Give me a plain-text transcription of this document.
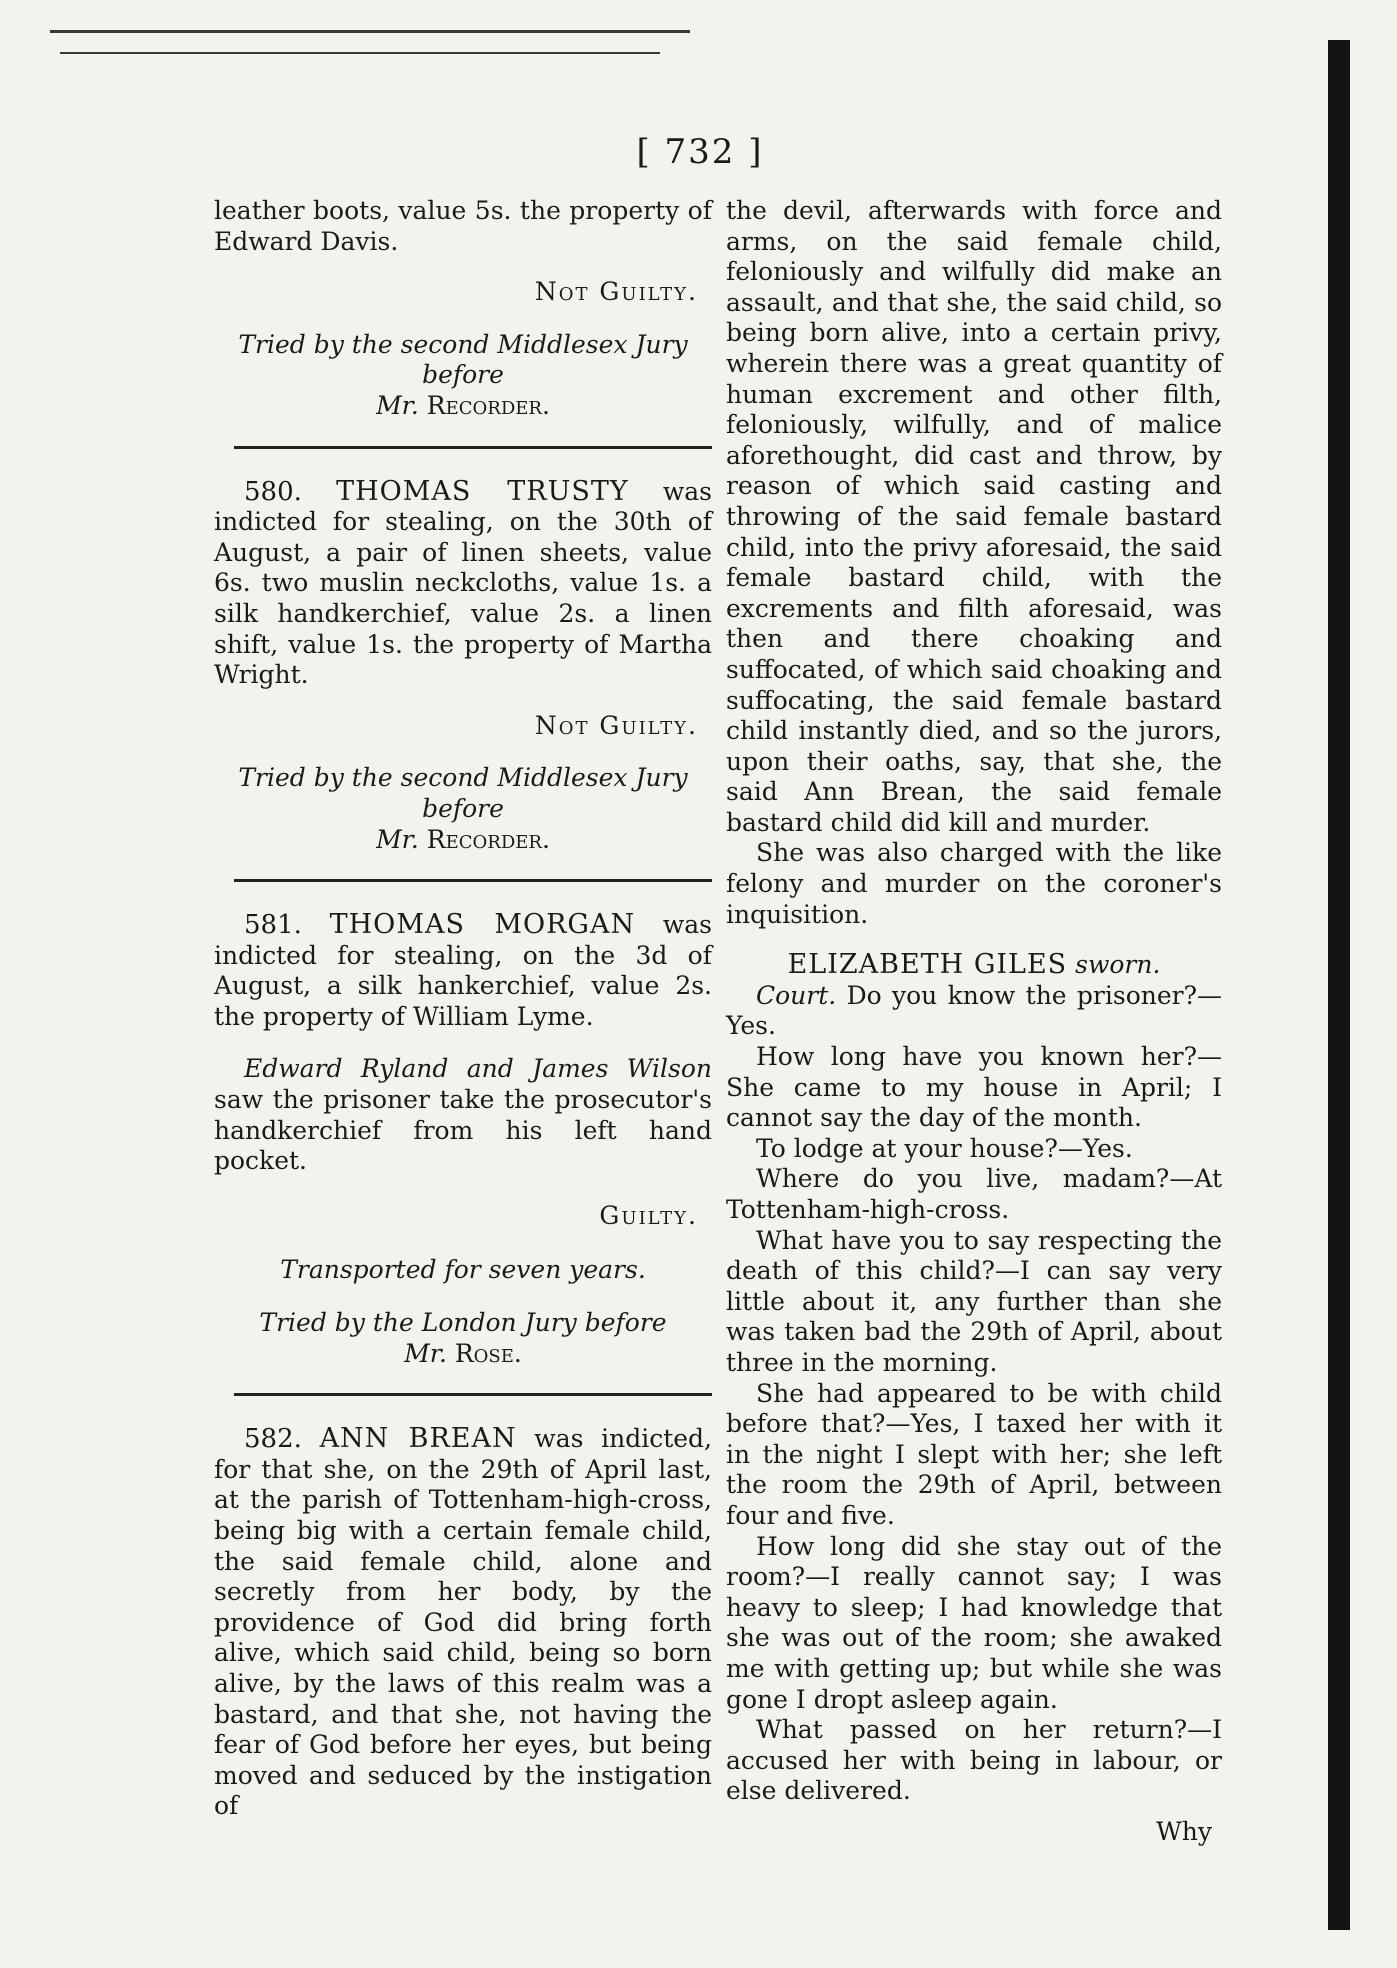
[ 732 ]

leather boots, value 5s. the property of Edward Davis.

Not Guilty.

Tried by the second Middlesex Jury before
Mr. Recorder.

580. THOMAS TRUSTY was indicted for stealing, on the 30th of August, a pair of linen sheets, value 6s. two muslin neckcloths, value 1s. a silk handkerchief, value 2s. a linen shift, value 1s. the property of Martha Wright.

Not Guilty.

Tried by the second Middlesex Jury before
Mr. Recorder.

581. THOMAS MORGAN was indicted for stealing, on the 3d of August, a silk hankerchief, value 2s. the property of William Lyme.

Edward Ryland and James Wilson saw the prisoner take the prosecutor's handkerchief from his left hand pocket.

Guilty.

Transported for seven years.

Tried by the London Jury before
Mr. Rose.

582. ANN BREAN was indicted, for that she, on the 29th of April last, at the parish of Tottenham-high-cross, being big with a certain female child, the said female child, alone and secretly from her body, by the providence of God did bring forth alive, which said child, being so born alive, by the laws of this realm was a bastard, and that she, not having the fear of God before her eyes, but being moved and seduced by the instigation of

the devil, afterwards with force and arms, on the said female child, feloniously and wilfully did make an assault, and that she, the said child, so being born alive, into a certain privy, wherein there was a great quantity of human excrement and other filth, feloniously, wilfully, and of malice aforethought, did cast and throw, by reason of which said casting and throwing of the said female bastard child, into the privy aforesaid, the said female bastard child, with the excrements and filth aforesaid, was then and there choaking and suffocated, of which said choaking and suffocating, the said female bastard child instantly died, and so the jurors, upon their oaths, say, that she, the said Ann Brean, the said female bastard child did kill and murder.

She was also charged with the like felony and murder on the coroner's inquisition.

ELIZABETH GILES sworn.

Court. Do you know the prisoner?—Yes.

How long have you known her?—She came to my house in April; I cannot say the day of the month.

To lodge at your house?—Yes.

Where do you live, madam?—At Tottenham-high-cross.

What have you to say respecting the death of this child?—I can say very little about it, any further than she was taken bad the 29th of April, about three in the morning.

She had appeared to be with child before that?—Yes, I taxed her with it in the night I slept with her; she left the room the 29th of April, between four and five.

How long did she stay out of the room?—I really cannot say; I was heavy to sleep; I had knowledge that she was out of the room; she awaked me with getting up; but while she was gone I dropt asleep again.

What passed on her return?—I accused her with being in labour, or else delivered.

Why
